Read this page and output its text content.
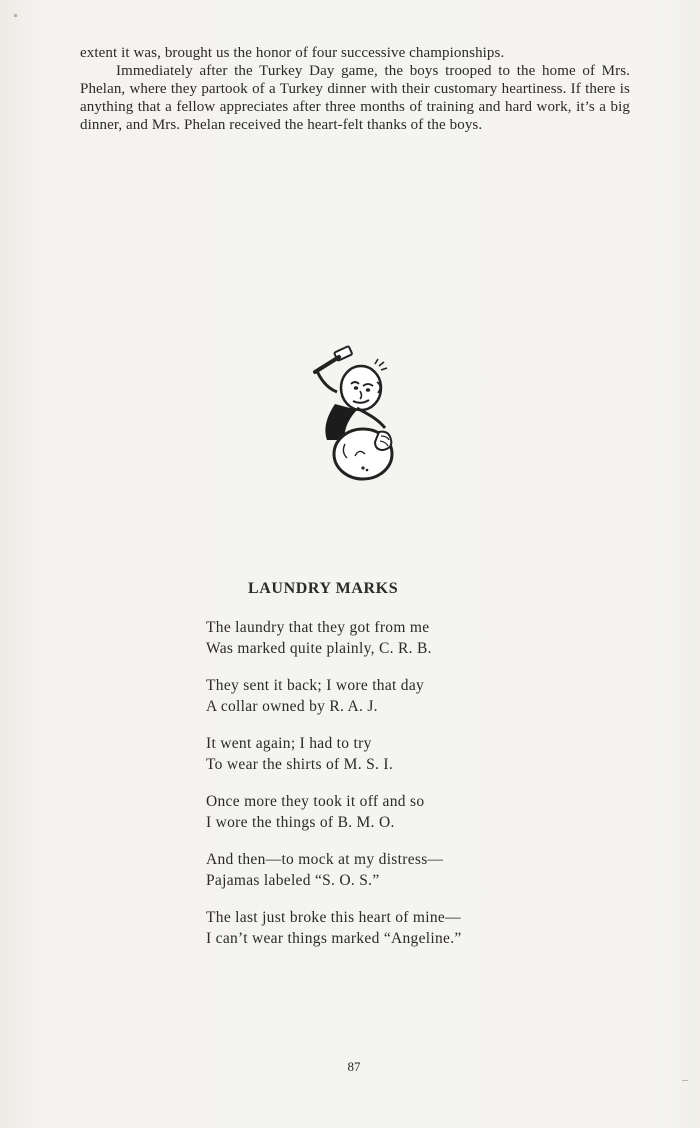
extent it was, brought us the honor of four successive championships.

Immediately after the Turkey Day game, the boys trooped to the home of Mrs. Phelan, where they partook of a Turkey dinner with their customary heartiness. If there is anything that a fellow appreciates after three months of training and hard work, it’s a big dinner, and Mrs. Phelan received the heart-felt thanks of the boys.

LAUNDRY MARKS
The laundry that they got from me
Was marked quite plainly, C. R. B.
They sent it back; I wore that day
A collar owned by R. A. J.
It went again; I had to try
To wear the shirts of M. S. I.
Once more they took it off and so
I wore the things of B. M. O.
And then—to mock at my distress—
Pajamas labeled “S. O. S.”
The last just broke this heart of mine—
I can’t wear things marked “Angeline.”

87
